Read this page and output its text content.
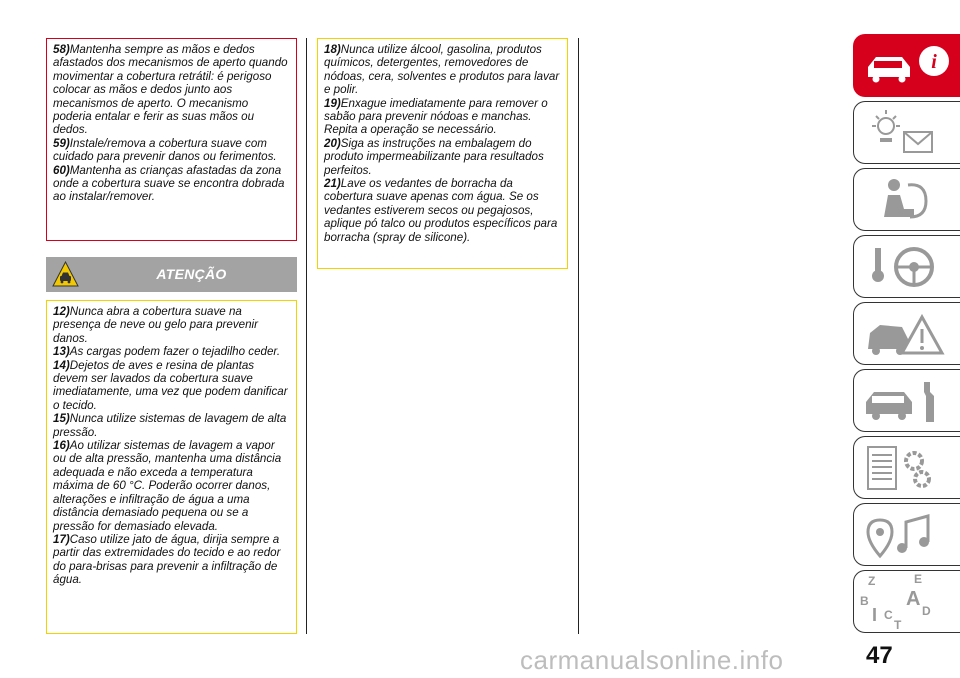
58)Mantenha sempre as mãos e dedos afastados dos mecanismos de aperto quando movimentar a cobertura retrátil: é perigoso colocar as mãos e dedos junto aos mecanismos de aperto. O mecanismo poderia entalar e ferir as suas mãos ou dedos.

59)Instale/remova a cobertura suave com cuidado para prevenir danos ou ferimentos.

60)Mantenha as crianças afastadas da zona onde a cobertura suave se encontra dobrada ao instalar/remover.

ATENÇÃO

12)Nunca abra a cobertura suave na presença de neve ou gelo para prevenir danos.

13)As cargas podem fazer o tejadilho ceder.

14)Dejetos de aves e resina de plantas devem ser lavados da cobertura suave imediatamente, uma vez que podem danificar o tecido.

15)Nunca utilize sistemas de lavagem de alta pressão.

16)Ao utilizar sistemas de lavagem a vapor ou de alta pressão, mantenha uma distância adequada e não exceda a temperatura máxima de 60 °C. Poderão ocorrer danos, alterações e infiltração de água a uma distância demasiado pequena ou se a pressão for demasiado elevada.

17)Caso utilize jato de água, dirija sempre a partir das extremidades do tecido e ao redor do para-brisas para prevenir a infiltração de água.

18)Nunca utilize álcool, gasolina, produtos químicos, detergentes, removedores de nódoas, cera, solventes e produtos para lavar e polir.

19)Enxague imediatamente para remover o sabão para prevenir nódoas e manchas. Repita a operação se necessário.

20)Siga as instruções na embalagem do produto impermeabilizante para resultados perfeitos.

21)Lave os vedantes de borracha da cobertura suave apenas com água. Se os vedantes estiverem secos ou pegajosos, aplique pó talco ou produtos específicos para borracha (spray de silicone).

i
Z	E
B A
D
I C
T
carmanualsonline.info	47
